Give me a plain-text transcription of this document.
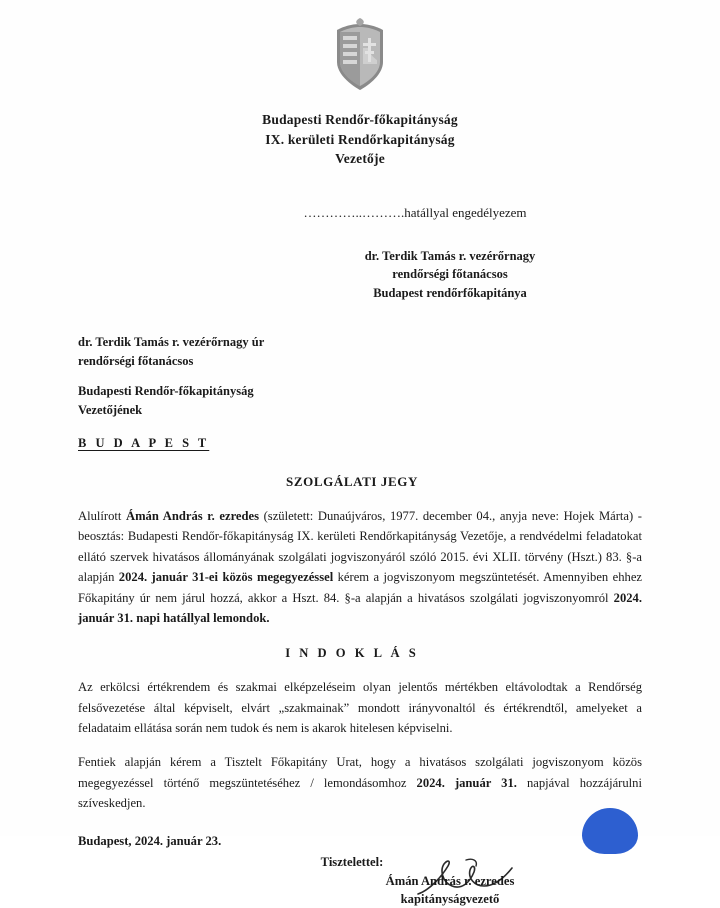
Budapesti Rendőr-főkapitányság
IX. kerületi Rendőrkapitányság
Vezetője
…………..……….hatállyal engedélyezem
dr. Terdik Tamás r. vezérőrnagy
rendőrségi főtanácsos
Budapest rendőrfőkapitánya
dr. Terdik Tamás r. vezérőrnagy úr
rendőrségi főtanácsos
Budapesti Rendőr-főkapitányság
Vezetőjének
B U D A P E S T
SZOLGÁLATI JEGY
Alulírott Ámán András r. ezredes (született: Dunaújváros, 1977. december 04., anyja neve: Hojek Márta) - beosztás: Budapesti Rendőr-főkapitányság IX. kerületi Rendőrkapitányság Vezetője, a rendvédelmi feladatokat ellátó szervek hivatásos állományának szolgálati jogviszonyáról szóló 2015. évi XLII. törvény (Hszt.) 83. §-a alapján 2024. január 31-ei közös megegyezéssel kérem a jogviszonyom megszüntetését. Amennyiben ehhez Főkapitány úr nem járul hozzá, akkor a Hszt. 84. §-a alapján a hivatásos szolgálati jogviszonyomról 2024. január 31. napi hatállyal lemondok.
I N D O K L Á S
Az erkölcsi értékrendem és szakmai elképzeléseim olyan jelentős mértékben eltávolodtak a Rendőrség felsővezetése által képviselt, elvárt „szakmainak” mondott irányvonaltól és értékrendtől, amelyeket a feladataim ellátása során nem tudok és nem is akarok hitelesen képviselni.
Fentiek alapján kérem a Tisztelt Főkapitány Urat, hogy a hivatásos szolgálati jogviszonyom közös megegyezéssel történő megszüntetéséhez / lemondásomhoz 2024. január 31. napjával hozzájárulni szíveskedjen.
Budapest, 2024. január 23.
Tisztelettel:
Ámán András r. ezredes
kapitányságvezető
